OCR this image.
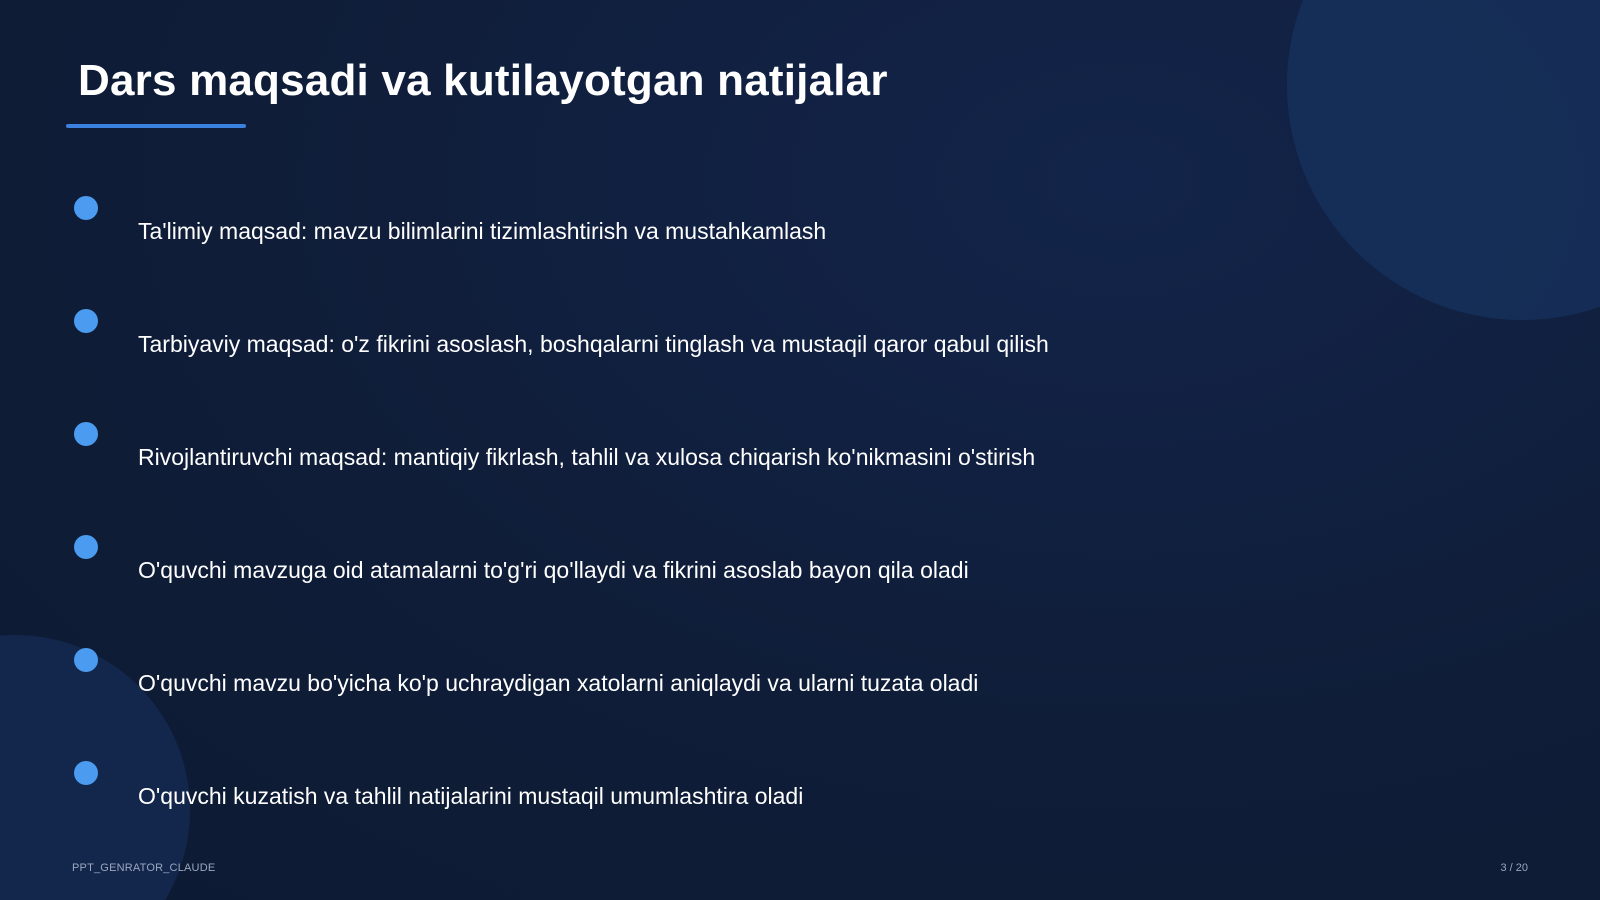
Dars maqsadi va kutilayotgan natijalar
Ta'limiy maqsad: mavzu bilimlarini tizimlashtirish va mustahkamlash
Tarbiyaviy maqsad: o'z fikrini asoslash, boshqalarni tinglash va mustaqil qaror qabul qilish
Rivojlantiruvchi maqsad: mantiqiy fikrlash, tahlil va xulosa chiqarish ko'nikmasini o'stirish
O'quvchi mavzuga oid atamalarni to'g'ri qo'llaydi va fikrini asoslab bayon qila oladi
O'quvchi mavzu bo'yicha ko'p uchraydigan xatolarni aniqlaydi va ularni tuzata oladi
O'quvchi kuzatish va tahlil natijalarini mustaqil umumlashtira oladi
PPT_GENRATOR_CLAUDE	3 / 20
